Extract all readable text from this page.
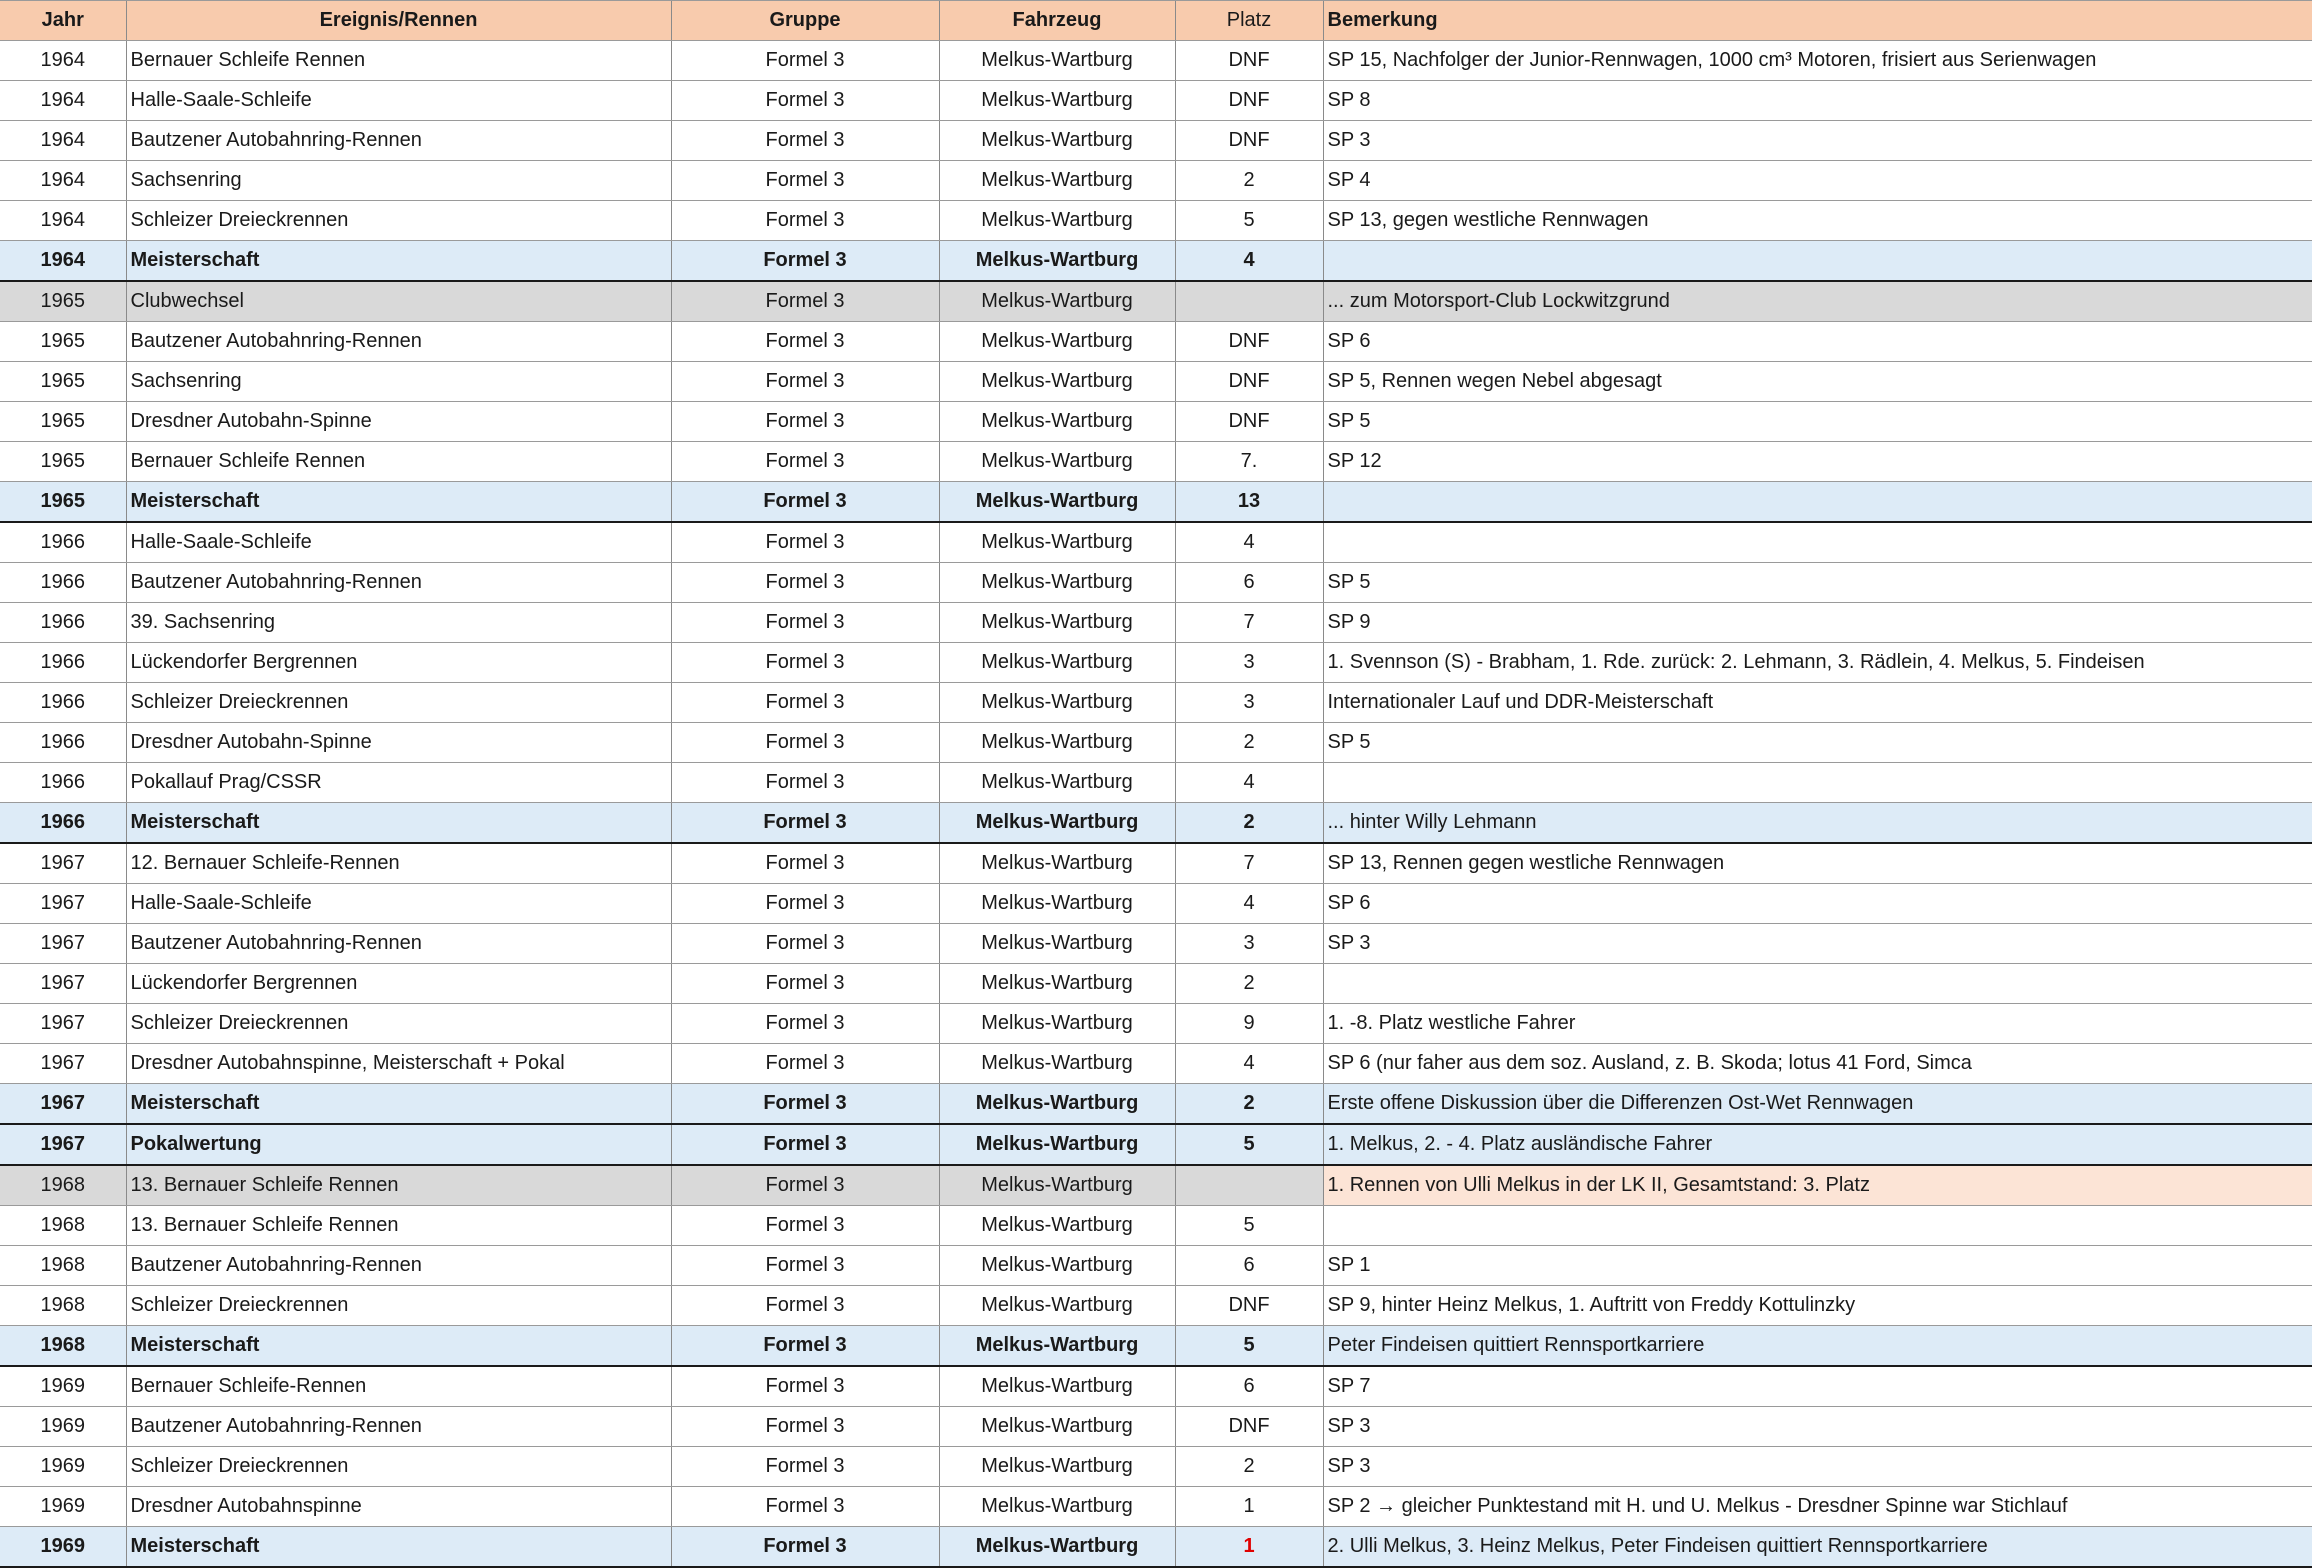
Jahr	Ereignis/Rennen	Gruppe	Fahrzeug	Platz	Bemerkung
1964	Bernauer Schleife Rennen	Formel 3	Melkus-Wartburg	DNF	SP 15, Nachfolger der Junior-Rennwagen, 1000 cm³ Motoren, frisiert aus Serienwagen
1964	Halle-Saale-Schleife	Formel 3	Melkus-Wartburg	DNF	SP 8
1964	Bautzener Autobahnring-Rennen	Formel 3	Melkus-Wartburg	DNF	SP 3
1964	Sachsenring	Formel 3	Melkus-Wartburg	2	SP 4
1964	Schleizer Dreieckrennen	Formel 3	Melkus-Wartburg	5	SP 13, gegen westliche Rennwagen
1964	Meisterschaft	Formel 3	Melkus-Wartburg	4	
1965	Clubwechsel	Formel 3	Melkus-Wartburg		... zum Motorsport-Club Lockwitzgrund
1965	Bautzener Autobahnring-Rennen	Formel 3	Melkus-Wartburg	DNF	SP 6
1965	Sachsenring	Formel 3	Melkus-Wartburg	DNF	SP 5, Rennen wegen Nebel abgesagt
1965	Dresdner Autobahn-Spinne	Formel 3	Melkus-Wartburg	DNF	SP 5
1965	Bernauer Schleife Rennen	Formel 3	Melkus-Wartburg	7.	SP 12
1965	Meisterschaft	Formel 3	Melkus-Wartburg	13	
1966	Halle-Saale-Schleife	Formel 3	Melkus-Wartburg	4	
1966	Bautzener Autobahnring-Rennen	Formel 3	Melkus-Wartburg	6	SP 5
1966	39. Sachsenring	Formel 3	Melkus-Wartburg	7	SP 9
1966	Lückendorfer Bergrennen	Formel 3	Melkus-Wartburg	3	1. Svennson (S) - Brabham, 1. Rde. zurück: 2. Lehmann, 3. Rädlein, 4. Melkus, 5. Findeisen
1966	Schleizer Dreieckrennen	Formel 3	Melkus-Wartburg	3	Internationaler Lauf und DDR-Meisterschaft
1966	Dresdner Autobahn-Spinne	Formel 3	Melkus-Wartburg	2	SP 5
1966	Pokallauf Prag/CSSR	Formel 3	Melkus-Wartburg	4	
1966	Meisterschaft	Formel 3	Melkus-Wartburg	2	... hinter Willy Lehmann
1967	12. Bernauer Schleife-Rennen	Formel 3	Melkus-Wartburg	7	SP 13, Rennen gegen westliche Rennwagen
1967	Halle-Saale-Schleife	Formel 3	Melkus-Wartburg	4	SP 6
1967	Bautzener Autobahnring-Rennen	Formel 3	Melkus-Wartburg	3	SP 3
1967	Lückendorfer Bergrennen	Formel 3	Melkus-Wartburg	2	
1967	Schleizer Dreieckrennen	Formel 3	Melkus-Wartburg	9	1. -8. Platz westliche Fahrer
1967	Dresdner Autobahnspinne, Meisterschaft + Pokal	Formel 3	Melkus-Wartburg	4	SP 6 (nur faher aus dem soz. Ausland, z. B. Skoda; lotus 41 Ford, Simca
1967	Meisterschaft	Formel 3	Melkus-Wartburg	2	Erste offene Diskussion über die Differenzen Ost-Wet Rennwagen
1967	Pokalwertung	Formel 3	Melkus-Wartburg	5	1. Melkus, 2. - 4. Platz ausländische Fahrer
1968	13. Bernauer Schleife Rennen	Formel 3	Melkus-Wartburg		1. Rennen von Ulli Melkus in der LK II, Gesamtstand: 3. Platz
1968	13. Bernauer Schleife Rennen	Formel 3	Melkus-Wartburg	5	
1968	Bautzener Autobahnring-Rennen	Formel 3	Melkus-Wartburg	6	SP 1
1968	Schleizer Dreieckrennen	Formel 3	Melkus-Wartburg	DNF	SP 9, hinter Heinz Melkus, 1. Auftritt von Freddy Kottulinzky
1968	Meisterschaft	Formel 3	Melkus-Wartburg	5	Peter Findeisen quittiert Rennsportkarriere
1969	Bernauer Schleife-Rennen	Formel 3	Melkus-Wartburg	6	SP 7
1969	Bautzener Autobahnring-Rennen	Formel 3	Melkus-Wartburg	DNF	SP 3
1969	Schleizer Dreieckrennen	Formel 3	Melkus-Wartburg	2	SP 3
1969	Dresdner Autobahnspinne	Formel 3	Melkus-Wartburg	1	SP 2 → gleicher Punktestand mit H. und U. Melkus - Dresdner Spinne war Stichlauf
1969	Meisterschaft	Formel 3	Melkus-Wartburg	1	2. Ulli Melkus, 3. Heinz Melkus, Peter Findeisen quittiert Rennsportkarriere
